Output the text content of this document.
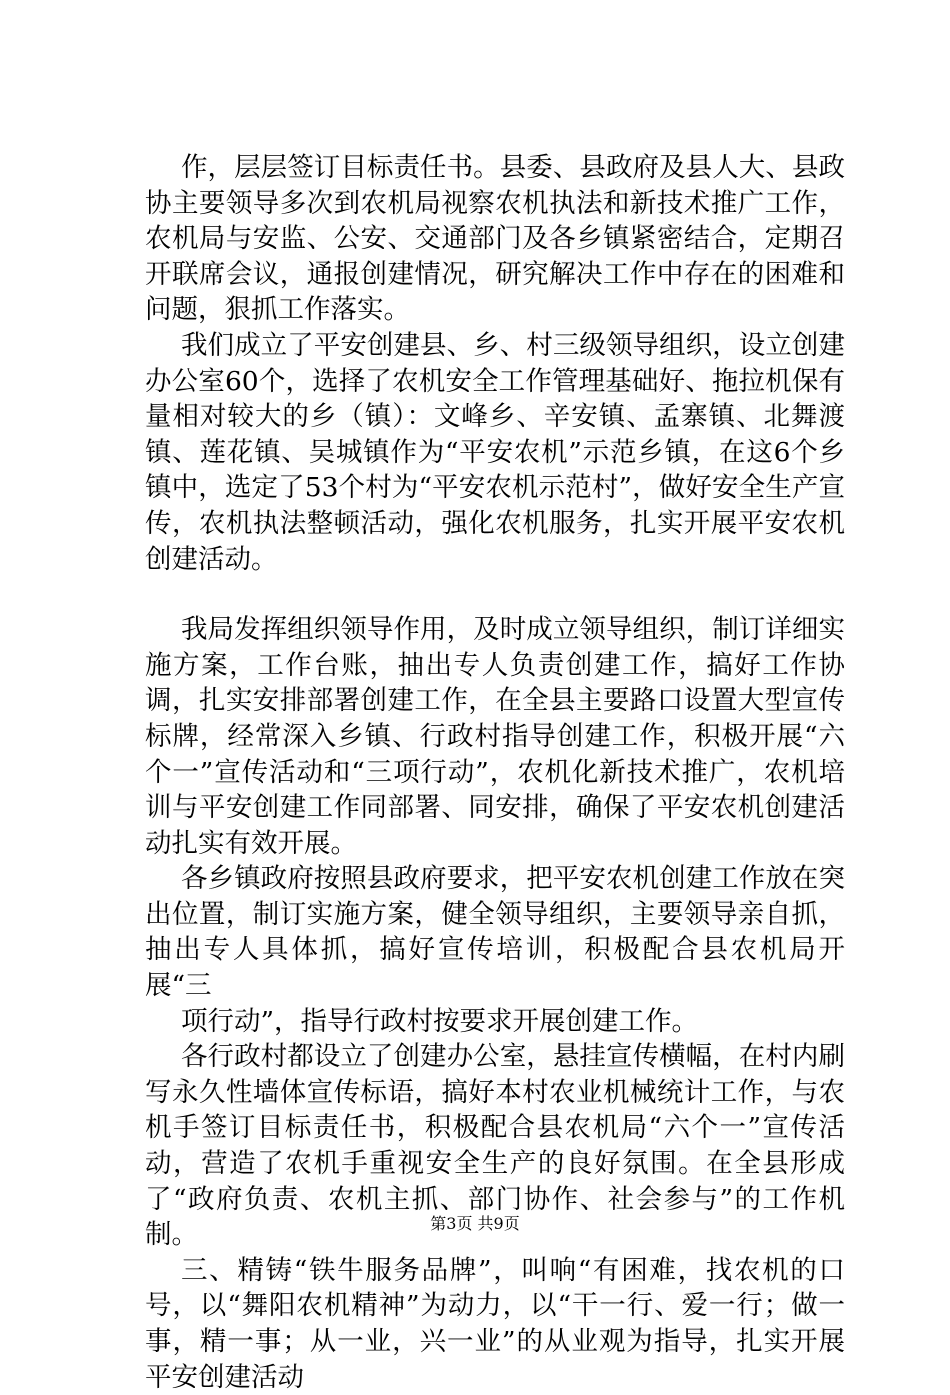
作，层层签订目标责任书。县委、县政府及县人大、县政协主要领导多次到农机局视察农机执法和新技术推广工作，农机局与安监、公安、交通部门及各乡镇紧密结合，定期召开联席会议，通报创建情况，研究解决工作中存在的困难和问题，狠抓工作落实。

我们成立了平安创建县、乡、村三级领导组织，设立创建办公室60个，选择了农机安全工作管理基础好、拖拉机保有量相对较大的乡（镇）：文峰乡、辛安镇、孟寨镇、北舞渡镇、莲花镇、吴城镇作为“平安农机”示范乡镇，在这6个乡镇中，选定了53个村为“平安农机示范村”，做好安全生产宣传，农机执法整顿活动，强化农机服务，扎实开展平安农机创建活动。

我局发挥组织领导作用，及时成立领导组织，制订详细实施方案，工作台账，抽出专人负责创建工作，搞好工作协调，扎实安排部署创建工作，在全县主要路口设置大型宣传标牌，经常深入乡镇、行政村指导创建工作，积极开展“六个一”宣传活动和“三项行动”，农机化新技术推广，农机培训与平安创建工作同部署、同安排，确保了平安农机创建活动扎实有效开展。

各乡镇政府按照县政府要求，把平安农机创建工作放在突出位置，制订实施方案，健全领导组织，主要领导亲自抓，抽出专人具体抓，搞好宣传培训，积极配合县农机局开展“三

项行动”，指导行政村按要求开展创建工作。

各行政村都设立了创建办公室，悬挂宣传横幅，在村内刷写永久性墙体宣传标语，搞好本村农业机械统计工作，与农机手签订目标责任书，积极配合县农机局“六个一”宣传活动，营造了农机手重视安全生产的良好氛围。在全县形成了“政府负责、农机主抓、部门协作、社会参与”的工作机制。

三、精铸“铁牛服务品牌”，叫响“有困难，找农机的口号，以“舞阳农机精神”为动力，以“干一行、爱一行；做一事，精一事；从一业，兴一业”的从业观为指导，扎实开展平安创建活动

第3页 共9页
